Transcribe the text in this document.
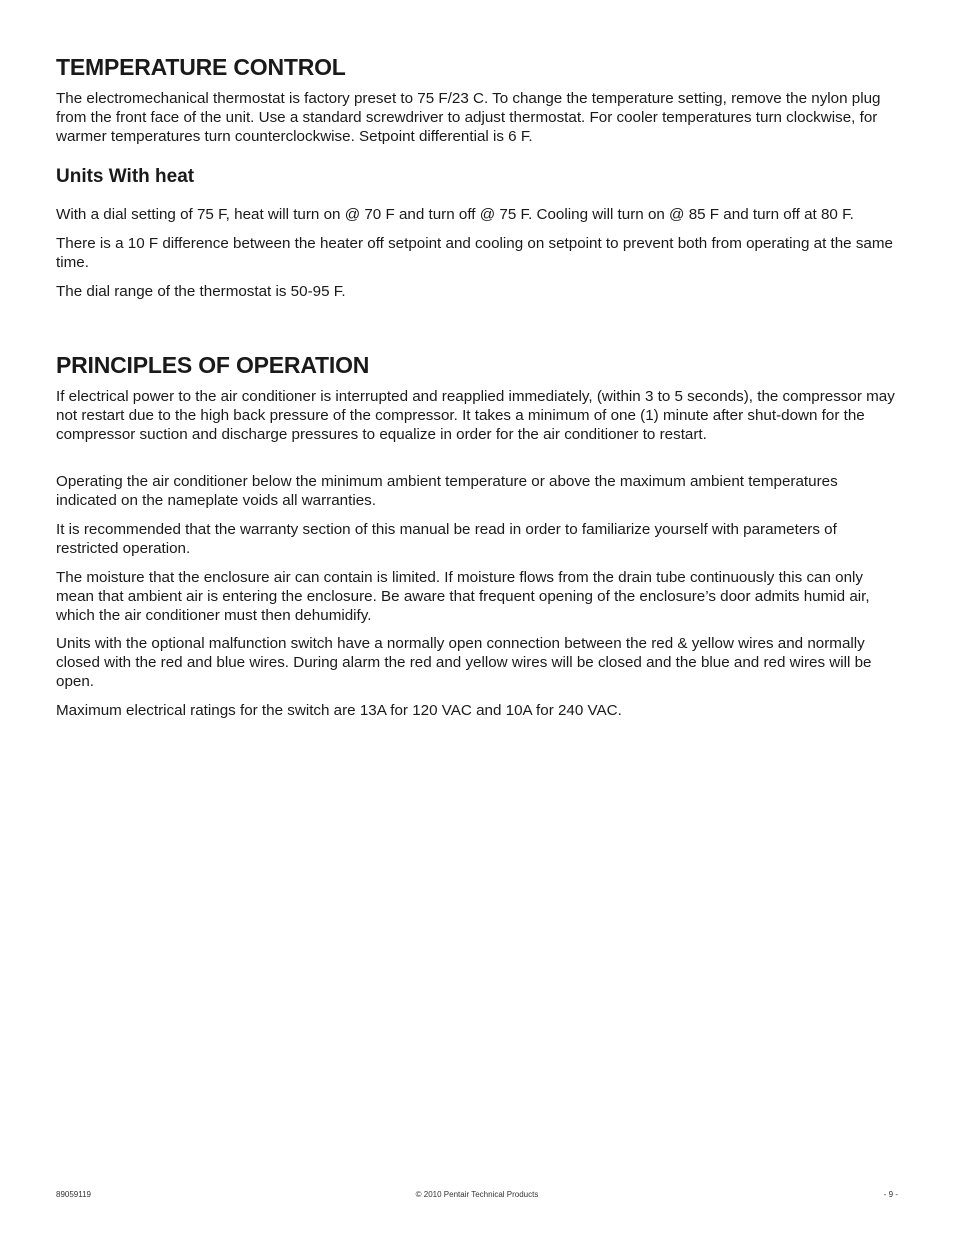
TEMPERATURE CONTROL

The electromechanical thermostat is factory preset to 75 F/23 C. To change the temperature setting, remove the nylon plug from the front face of the unit. Use a standard screwdriver to adjust thermostat. For cooler temperatures turn clockwise, for warmer temperatures turn counterclockwise. Setpoint differential is 6 F.

Units With heat

With a dial setting of 75 F, heat will turn on @ 70 F and turn off @ 75 F. Cooling will turn on @ 85 F and turn off at 80 F.

There is a 10 F difference between the heater off setpoint and cooling on setpoint to prevent both from operating at the same time.

The dial range of the thermostat is 50-95 F.

PRINCIPLES OF OPERATION

If electrical power to the air conditioner is interrupted and reapplied immediately, (within 3 to 5 seconds), the compressor may not restart due to the high back pressure of the compressor. It takes a minimum of one (1) minute after shut-down for the compressor suction and discharge pressures to equalize in order for the air conditioner to restart.

Operating the air conditioner below the minimum ambient temperature or above the maximum ambient temperatures indicated on the nameplate voids all warranties.

It is recommended that the warranty section of this manual be read in order to familiarize yourself with parameters of restricted operation.

The moisture that the enclosure air can contain is limited. If moisture flows from the drain tube continuously this can only mean that ambient air is entering the enclosure. Be aware that frequent opening of the enclosure’s door admits humid air, which the air conditioner must then dehumidify.

Units with the optional malfunction switch have a normally open connection between the red & yellow wires and normally closed with the red and blue wires. During alarm the red and yellow wires will be closed and the blue and red wires will be open.

Maximum electrical ratings for the switch are 13A for 120 VAC and 10A for 240 VAC.

89059119	© 2010 Pentair Technical Products	- 9 -
